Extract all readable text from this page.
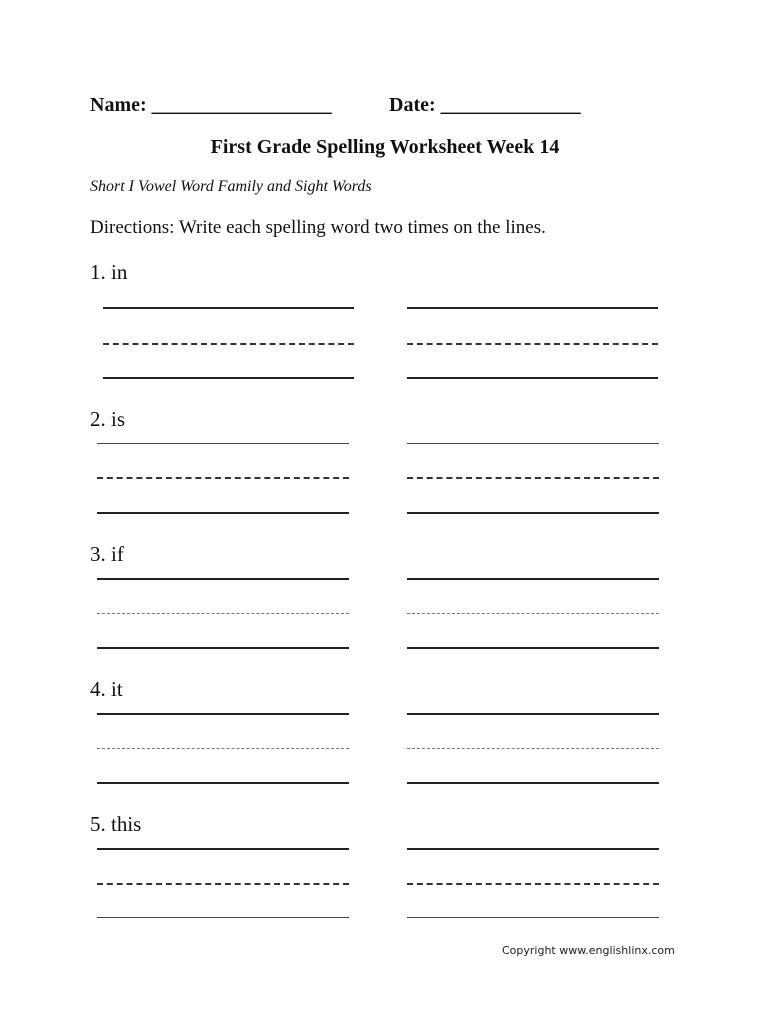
Name: __________________	Date: ______________
First Grade Spelling Worksheet Week 14
Short I Vowel Word Family and Sight Words
Directions: Write each spelling word two times on the lines.
1. in
2. is
3. if
4. it
5. this
Copyright www.englishlinx.com
